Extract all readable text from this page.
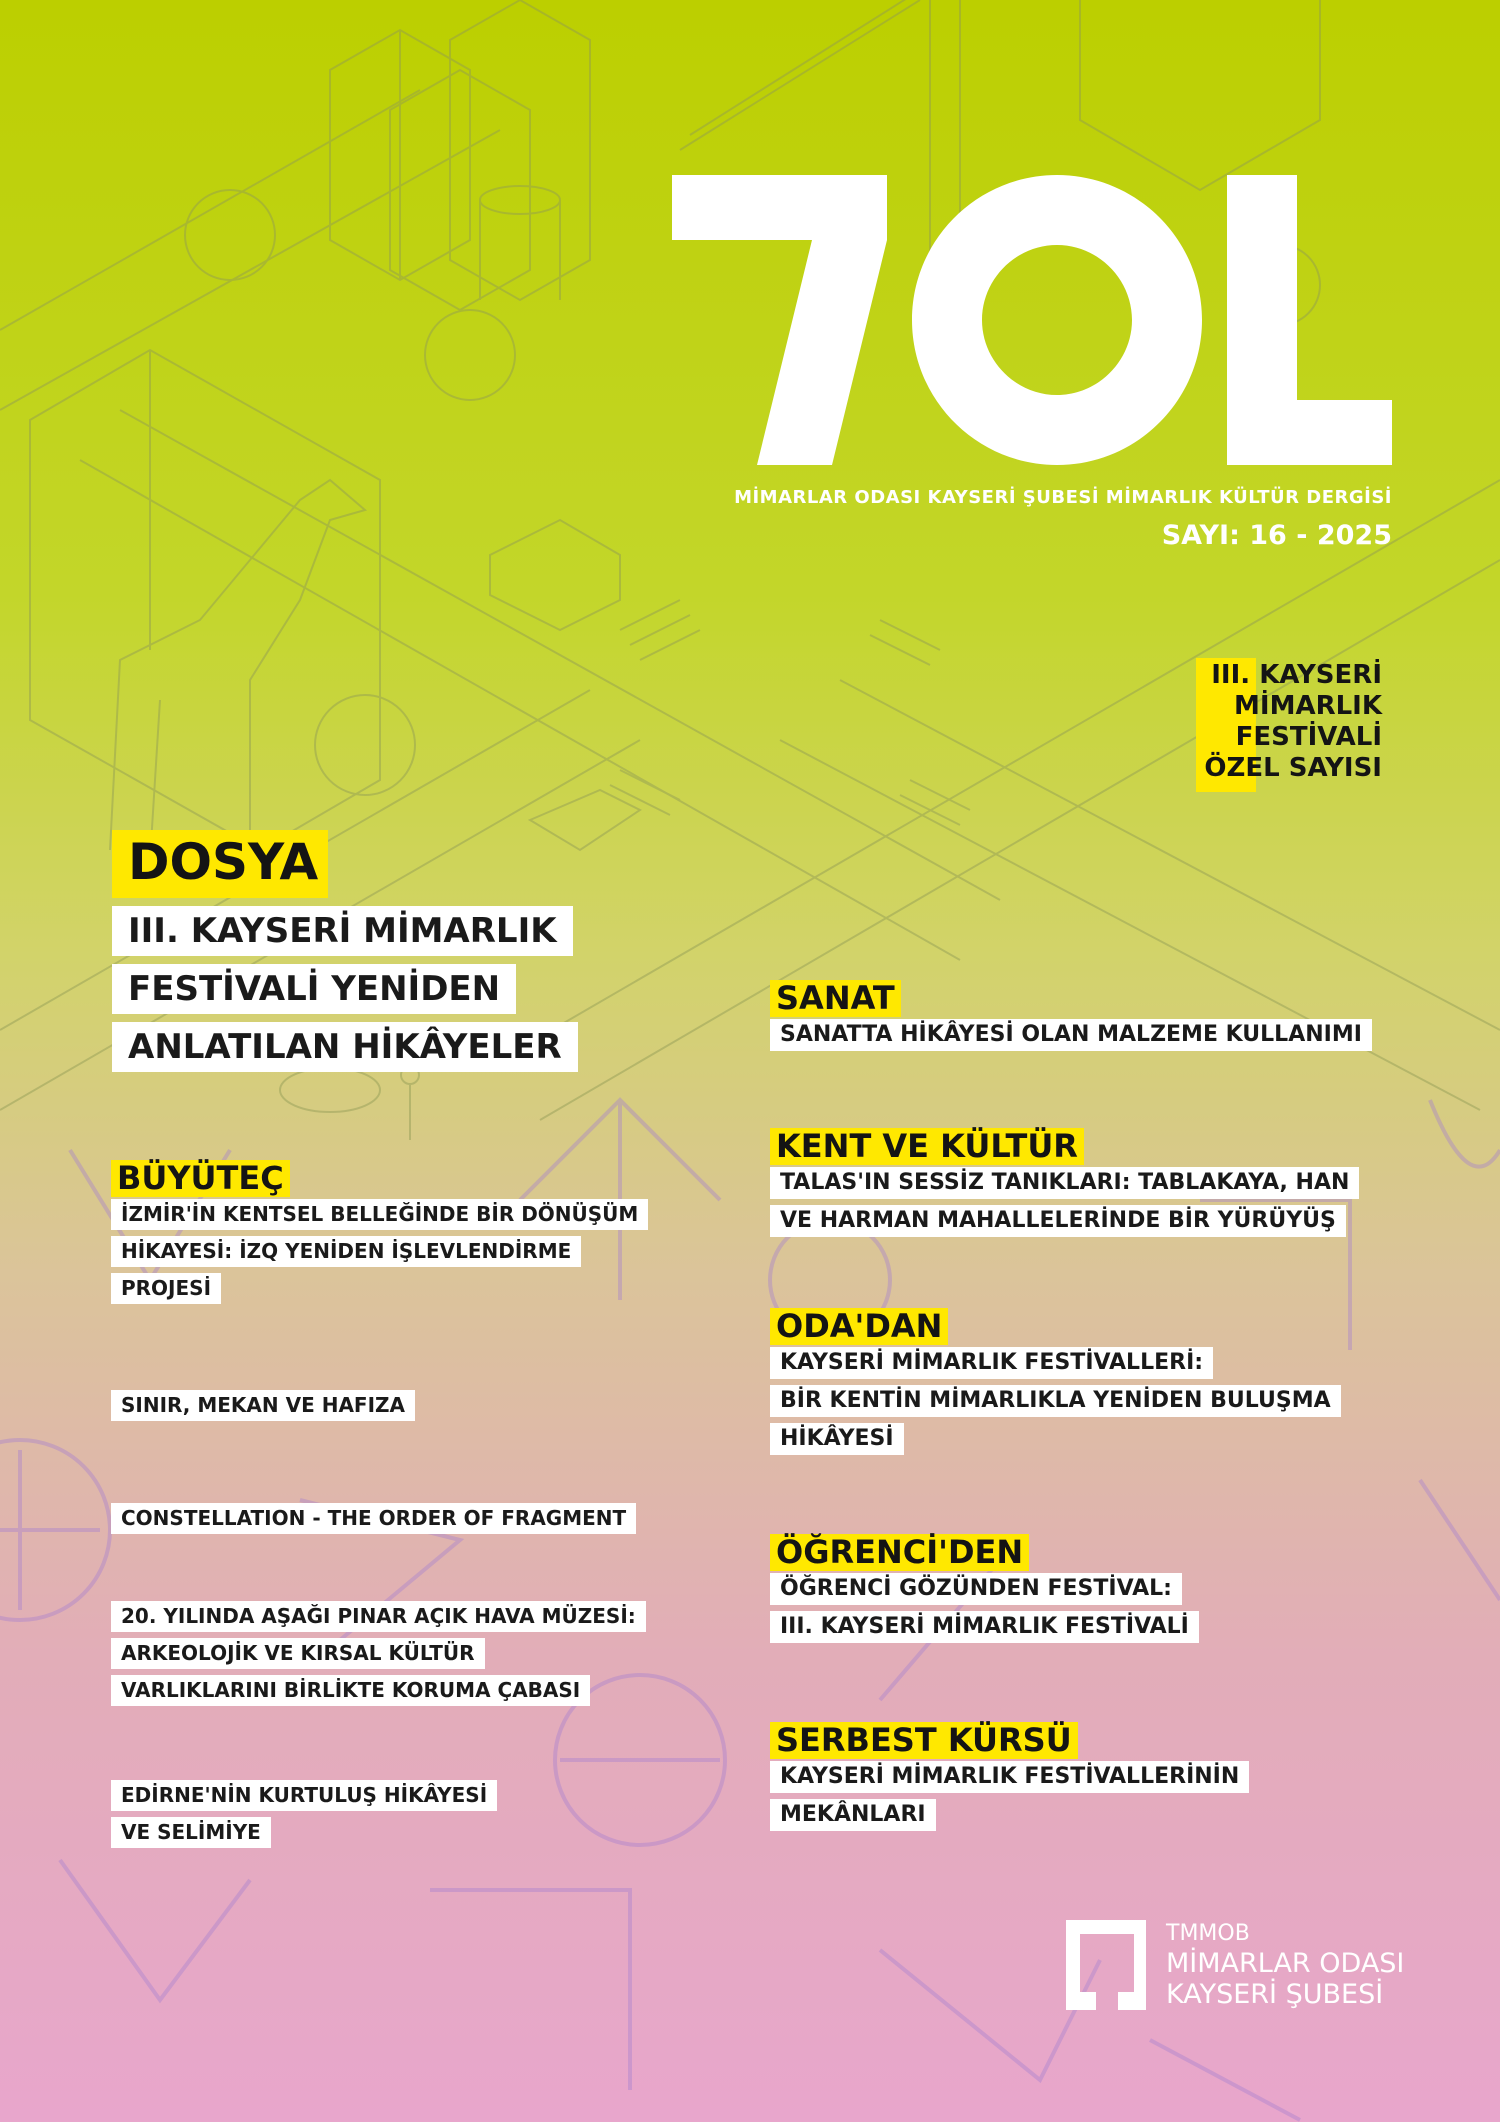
MİMARLAR ODASI KAYSERİ ŞUBESİ MİMARLIK KÜLTÜR DERGİSİ

SAYI: 16 - 2025

III. KAYSERİ

MİMARLIK

FESTİVALİ

ÖZEL SAYISI

DOSYA
III. KAYSERİ MİMARLIK
FESTİVALİ YENİDEN
ANLATILAN HİKÂYELER
BÜYÜTEÇ
İZMİR'İN KENTSEL BELLEĞİNDE BİR DÖNÜŞÜM
HİKAYESİ: İZQ YENİDEN İŞLEVLENDİRME
PROJESİ
SINIR, MEKAN VE HAFIZA
CONSTELLATION - THE ORDER OF FRAGMENT
20. YILINDA AŞAĞI PINAR AÇIK HAVA MÜZESİ:
ARKEOLOJİK VE KIRSAL KÜLTÜR
VARLIKLARINI BİRLİKTE KORUMA ÇABASI
EDİRNE'NİN KURTULUŞ HİKÂYESİ
VE SELİMİYE
SANAT
SANATTA HİKÂYESİ OLAN MALZEME KULLANIMI
KENT VE KÜLTÜR
TALAS'IN SESSİZ TANIKLARI: TABLAKAYA, HAN
VE HARMAN MAHALLELERİNDE BİR YÜRÜYÜŞ
ODA'DAN
KAYSERİ MİMARLIK FESTİVALLERİ:
BİR KENTİN MİMARLIKLA YENİDEN BULUŞMA
HİKÂYESİ
ÖĞRENCİ'DEN
ÖĞRENCİ GÖZÜNDEN FESTİVAL:
III. KAYSERİ MİMARLIK FESTİVALİ
SERBEST KÜRSÜ
KAYSERİ MİMARLIK FESTİVALLERİNİN
MEKÂNLARI

TMMOB

MİMARLAR ODASI

KAYSERİ ŞUBESİ
